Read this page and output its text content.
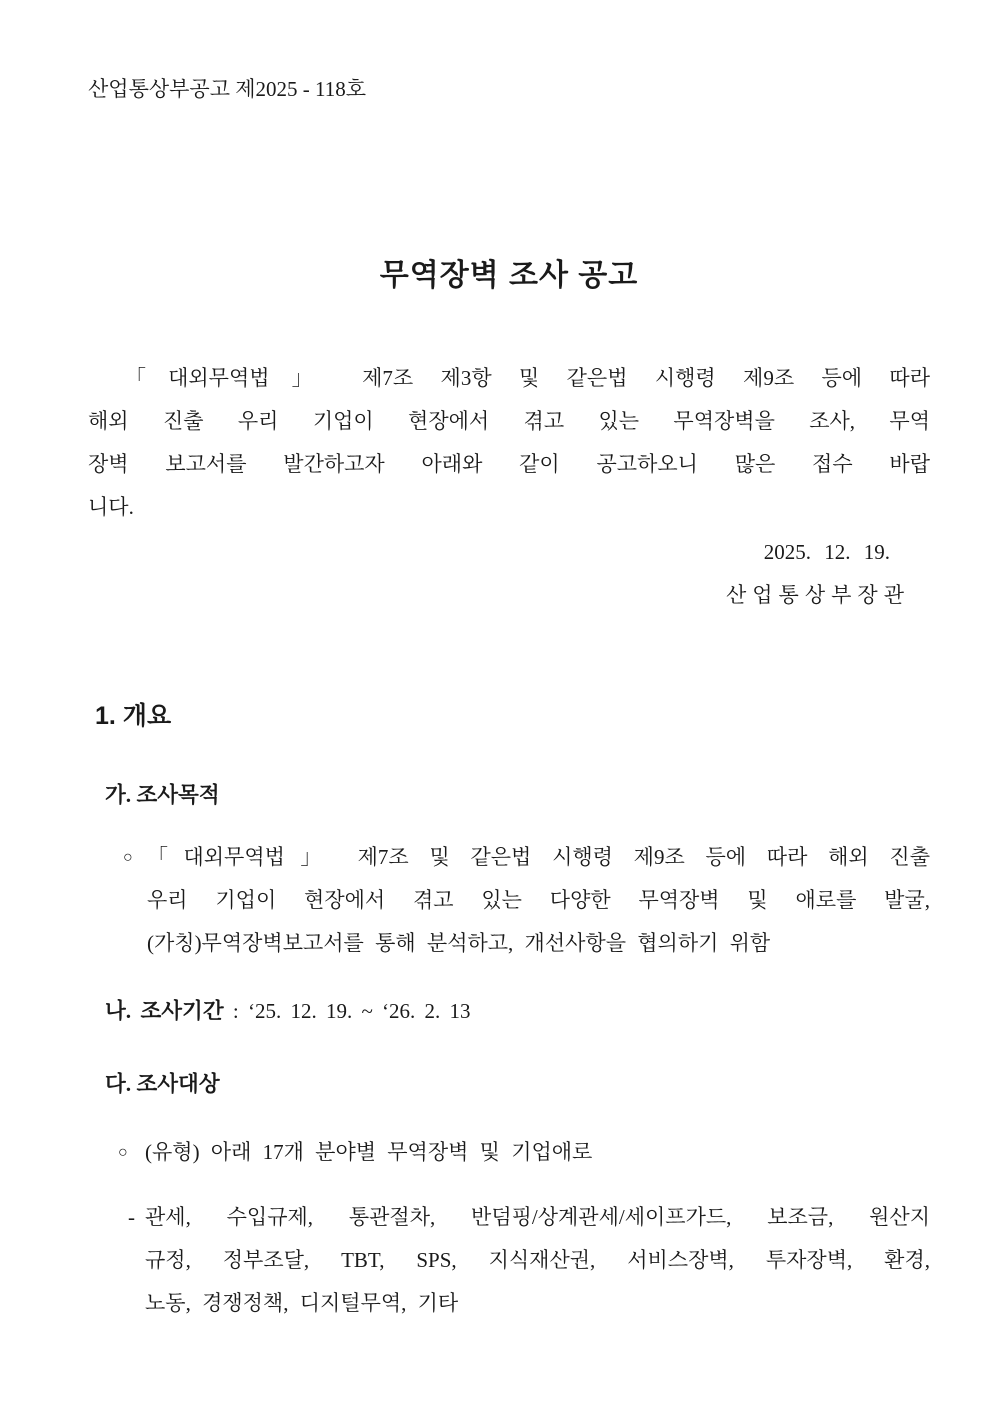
산업통상부공고 제2025 - 118호
무역장벽 조사 공고
「대외무역법」 제7조 제3항 및 같은법 시행령 제9조 등에 따라
해외 진출 우리 기업이 현장에서 겪고 있는 무역장벽을 조사, 무역
장벽 보고서를 발간하고자 아래와 같이 공고하오니 많은 접수 바랍
니다.
2025. 12. 19.
산업통상부장관
1. 개요
가. 조사목적
○ 「대외무역법」 제7조 및 같은법 시행령 제9조 등에 따라 해외 진출
우리 기업이 현장에서 겪고 있는 다양한 무역장벽 및 애로를 발굴,
(가칭)무역장벽보고서를 통해 분석하고, 개선사항을 협의하기 위함
나. 조사기간 : ‘25. 12. 19. ~ ‘26. 2. 13
다. 조사대상
○ (유형) 아래 17개 분야별 무역장벽 및 기업애로
- 관세, 수입규제, 통관절차, 반덤핑/상계관세/세이프가드, 보조금, 원산지
규정, 정부조달, TBT, SPS, 지식재산권, 서비스장벽, 투자장벽, 환경,
노동, 경쟁정책, 디지털무역, 기타
